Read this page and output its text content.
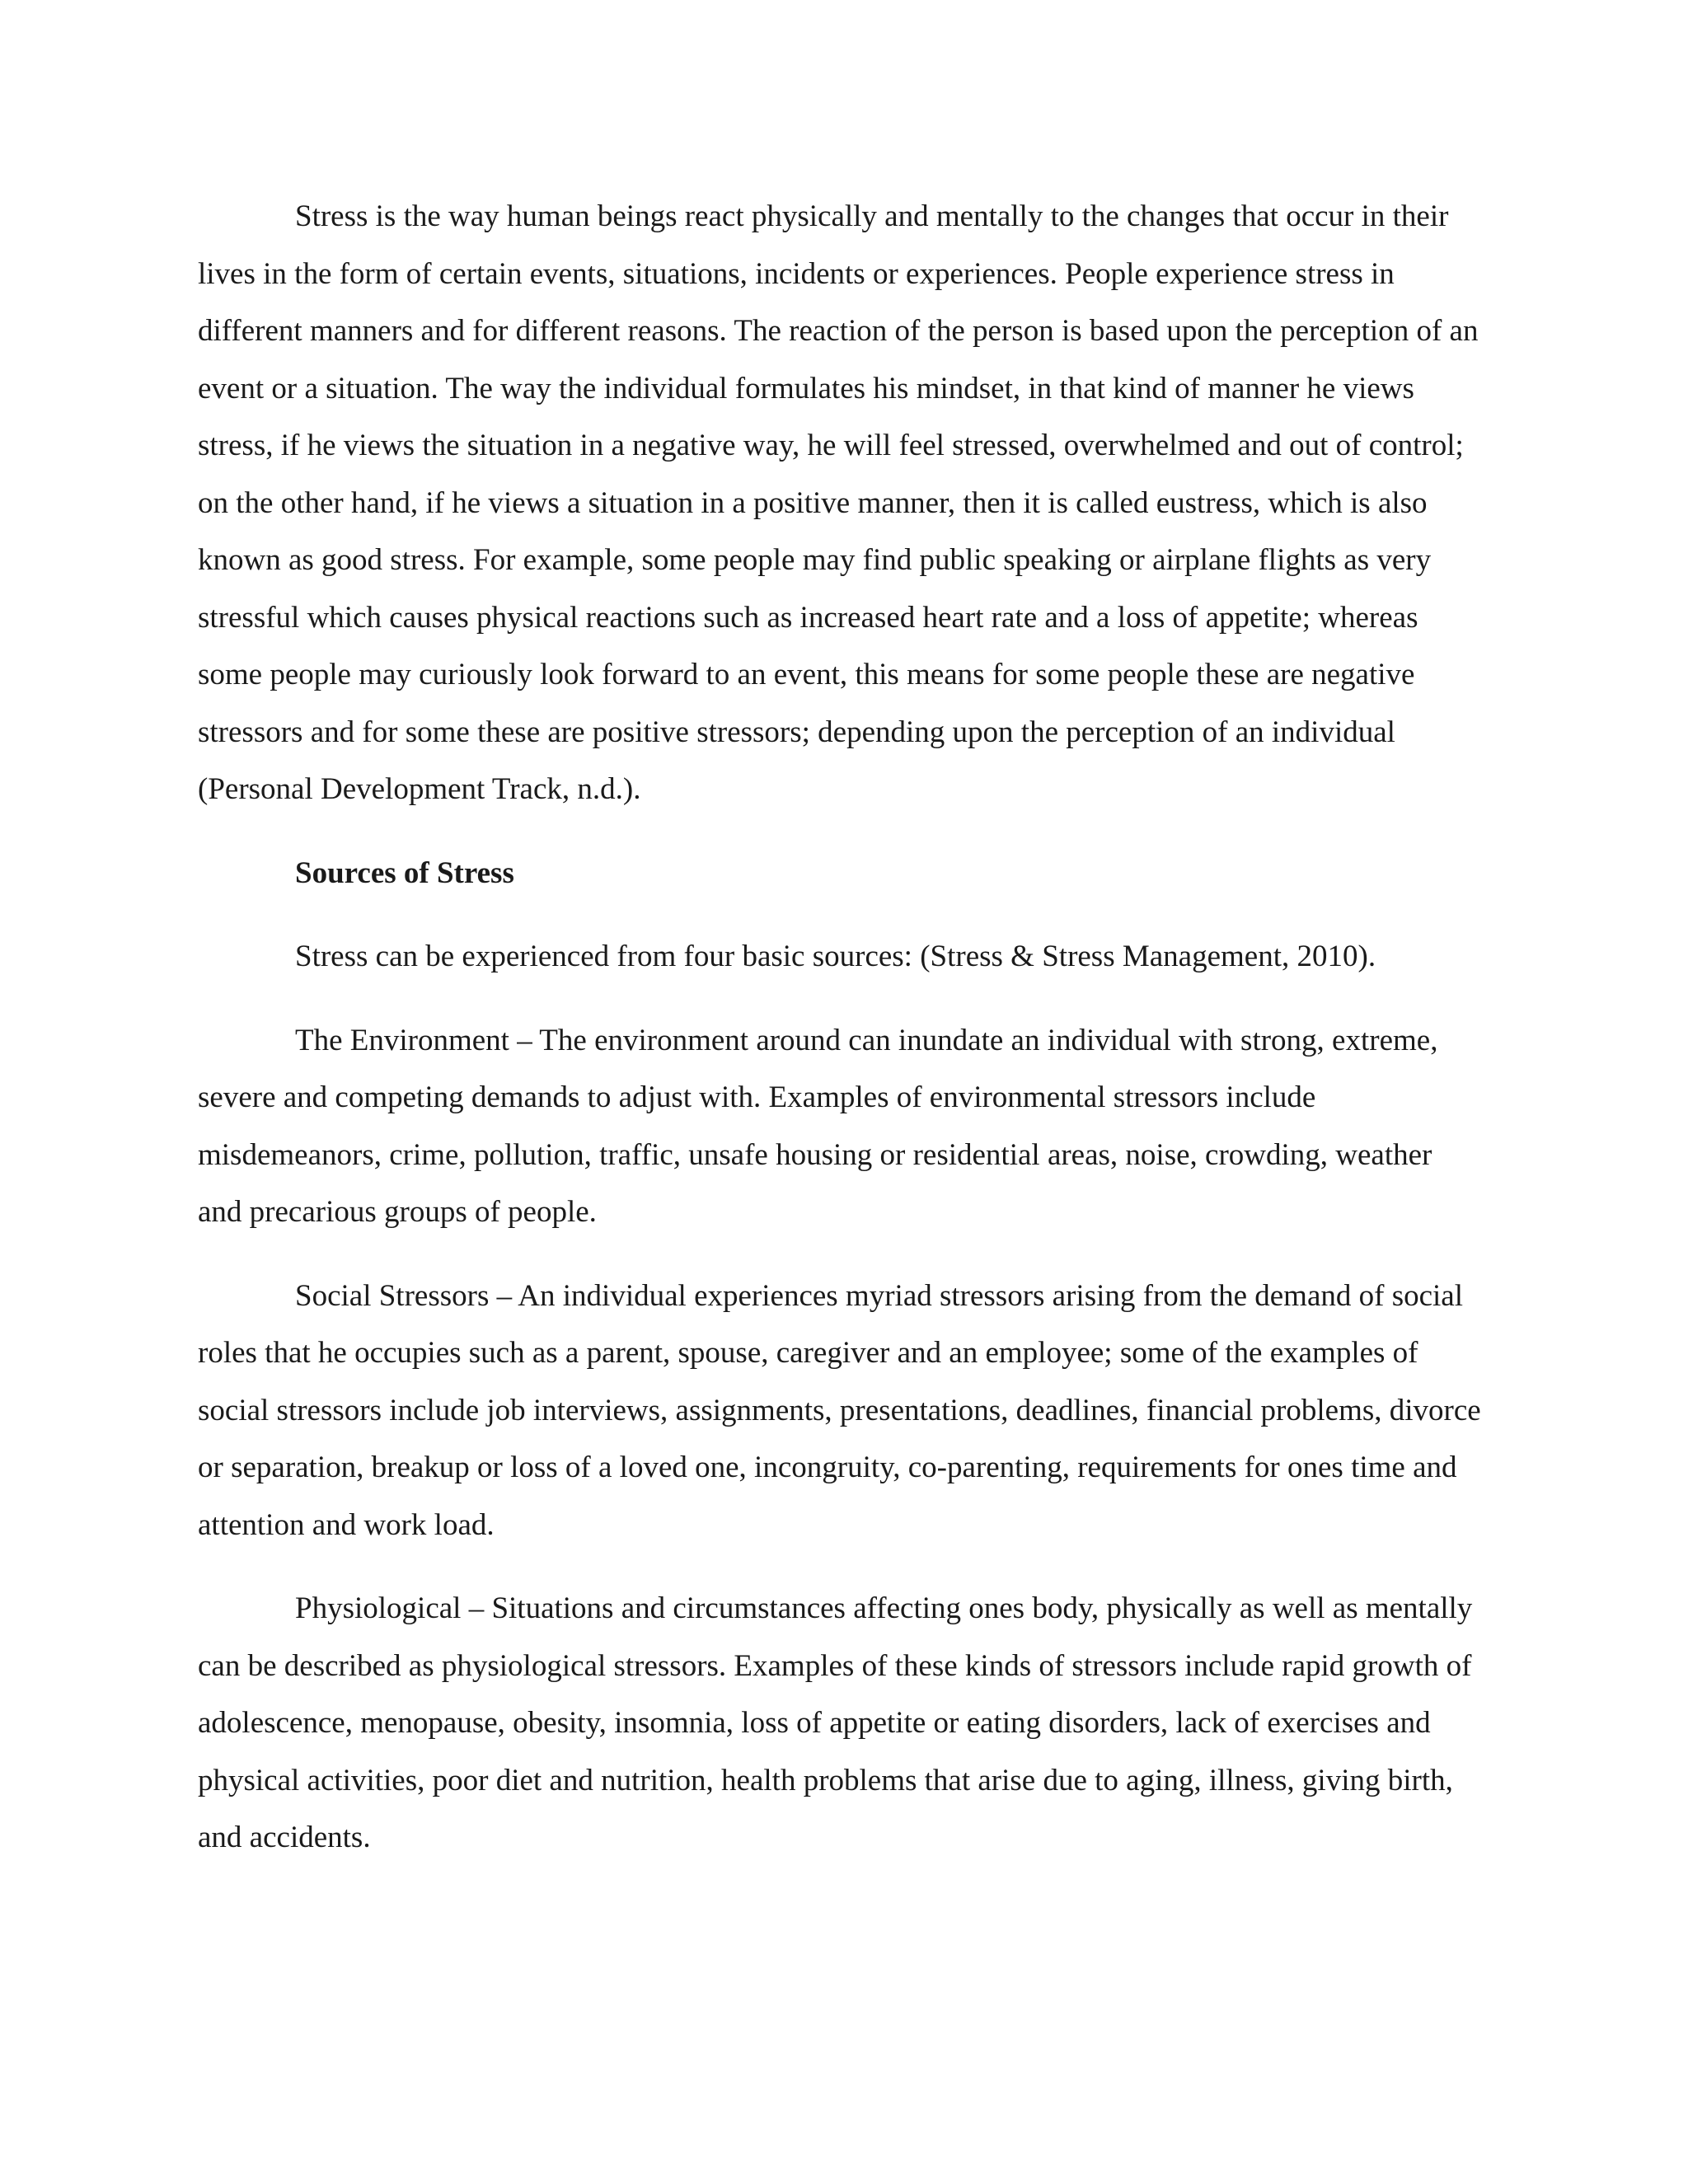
Stress is the way human beings react physically and mentally to the changes that occur in their lives in the form of certain events, situations, incidents or experiences. People experience stress in different manners and for different reasons. The reaction of the person is based upon the perception of an event or a situation. The way the individual formulates his mindset, in that kind of manner he views stress, if he views the situation in a negative way, he will feel stressed, overwhelmed and out of control; on the other hand, if he views a situation in a positive manner, then it is called eustress, which is also known as good stress. For example, some people may find public speaking or airplane flights as very stressful which causes physical reactions such as increased heart rate and a loss of appetite; whereas some people may curiously look forward to an event, this means for some people these are negative stressors and for some these are positive stressors; depending upon the perception of an individual (Personal Development Track, n.d.).

Sources of Stress

Stress can be experienced from four basic sources: (Stress & Stress Management, 2010).

The Environment – The environment around can inundate an individual with strong, extreme, severe and competing demands to adjust with. Examples of environmental stressors include misdemeanors, crime, pollution, traffic, unsafe housing or residential areas, noise, crowding, weather and precarious groups of people.

Social Stressors – An individual experiences myriad stressors arising from the demand of social roles that he occupies such as a parent, spouse, caregiver and an employee; some of the examples of social stressors include job interviews, assignments, presentations, deadlines, financial problems, divorce or separation, breakup or loss of a loved one, incongruity, co-parenting, requirements for ones time and attention and work load.

Physiological – Situations and circumstances affecting ones body, physically as well as mentally can be described as physiological stressors. Examples of these kinds of stressors include rapid growth of adolescence, menopause, obesity, insomnia, loss of appetite or eating disorders, lack of exercises and physical activities, poor diet and nutrition, health problems that arise due to aging, illness, giving birth, and accidents.
